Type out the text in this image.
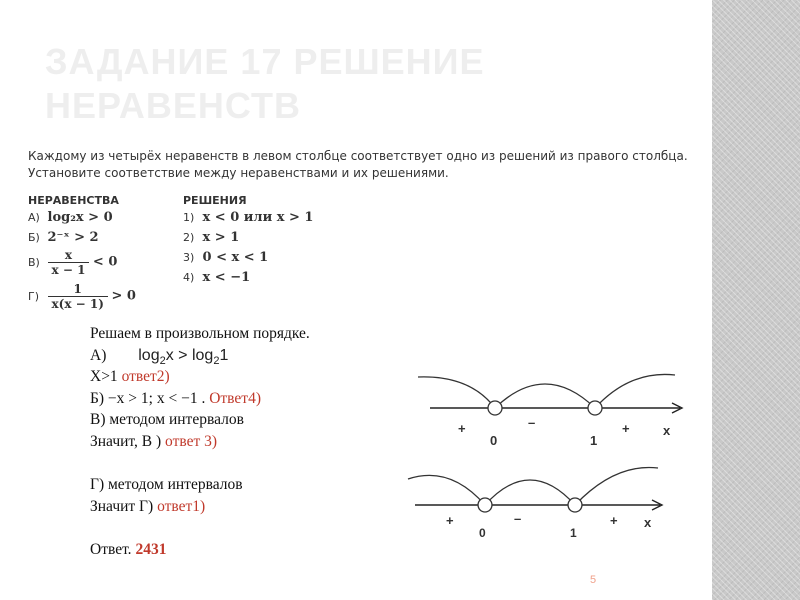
ЗАДАНИЕ 17 РЕШЕНИЕ НЕРАВЕНСТВ

Каждому из четырёх неравенств в левом столбце соответствует одно из решений из правого столбца. Установите соответствие между неравенствами и их решениями.

НЕРАВЕНСТВА
А) log₂x > 0
Б) 2⁻ˣ > 2
$В) \frac{x}{x - 1} < 0$
$Г) \frac{1}{x(x - 1)} > 0$
РЕШЕНИЯ
1) x < 0 или x > 1
2) x > 1
3) 0 < x < 1
4) x < −1
Решаем в произвольном порядке.
А) $\log_2x > \log_21$
X>1 ответ2)
Б) −x > 1; x < −1 . Ответ4)
В) методом интервалов
Значит, В ) ответ 3)
Г) методом интервалов
Значит Г) ответ1)
Ответ. 2431
+	–	+
0	1
x
+	–	+
0	1
x
5
